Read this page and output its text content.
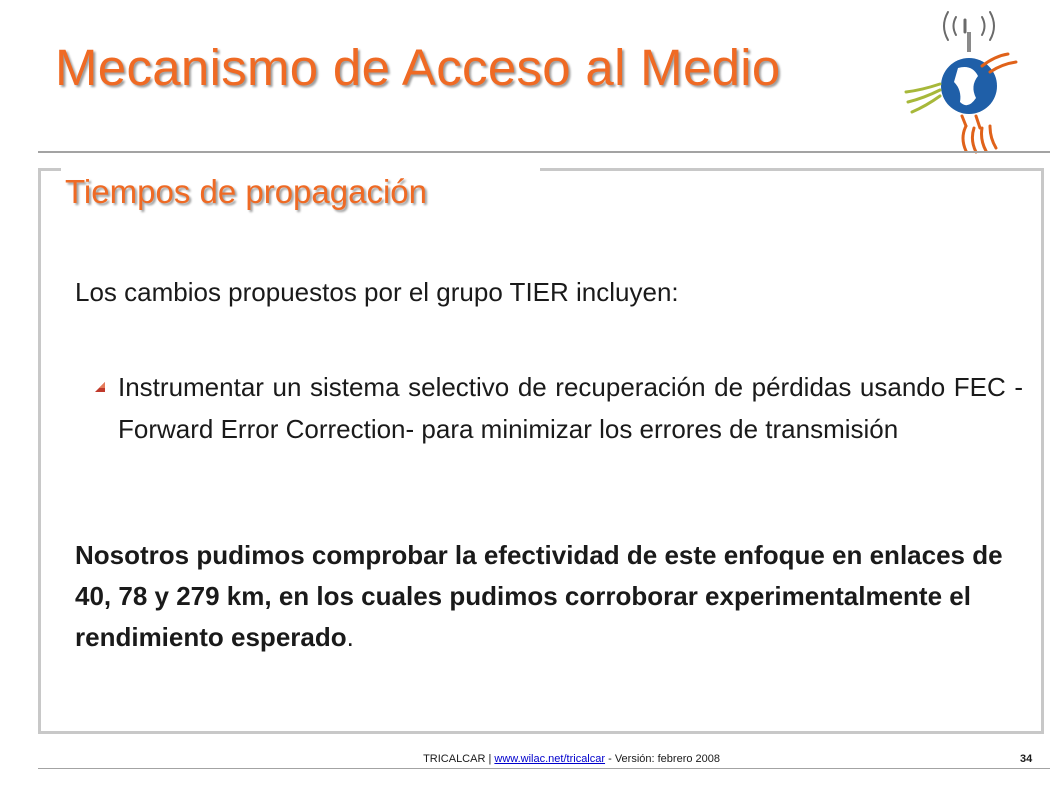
Mecanismo de Acceso al Medio
Tiempos de propagación
Los cambios propuestos por el grupo TIER incluyen:

Instrumentar un sistema selectivo de recuperación de pérdidas usando FEC -Forward Error Correction- para minimizar los errores de transmisión

Nosotros pudimos comprobar la efectividad de este enfoque en enlaces de 40, 78 y 279 km, en los cuales pudimos corroborar experimentalmente el rendimiento esperado.

TRICALCAR | www.wilac.net/tricalcar - Versión: febrero 2008	34
